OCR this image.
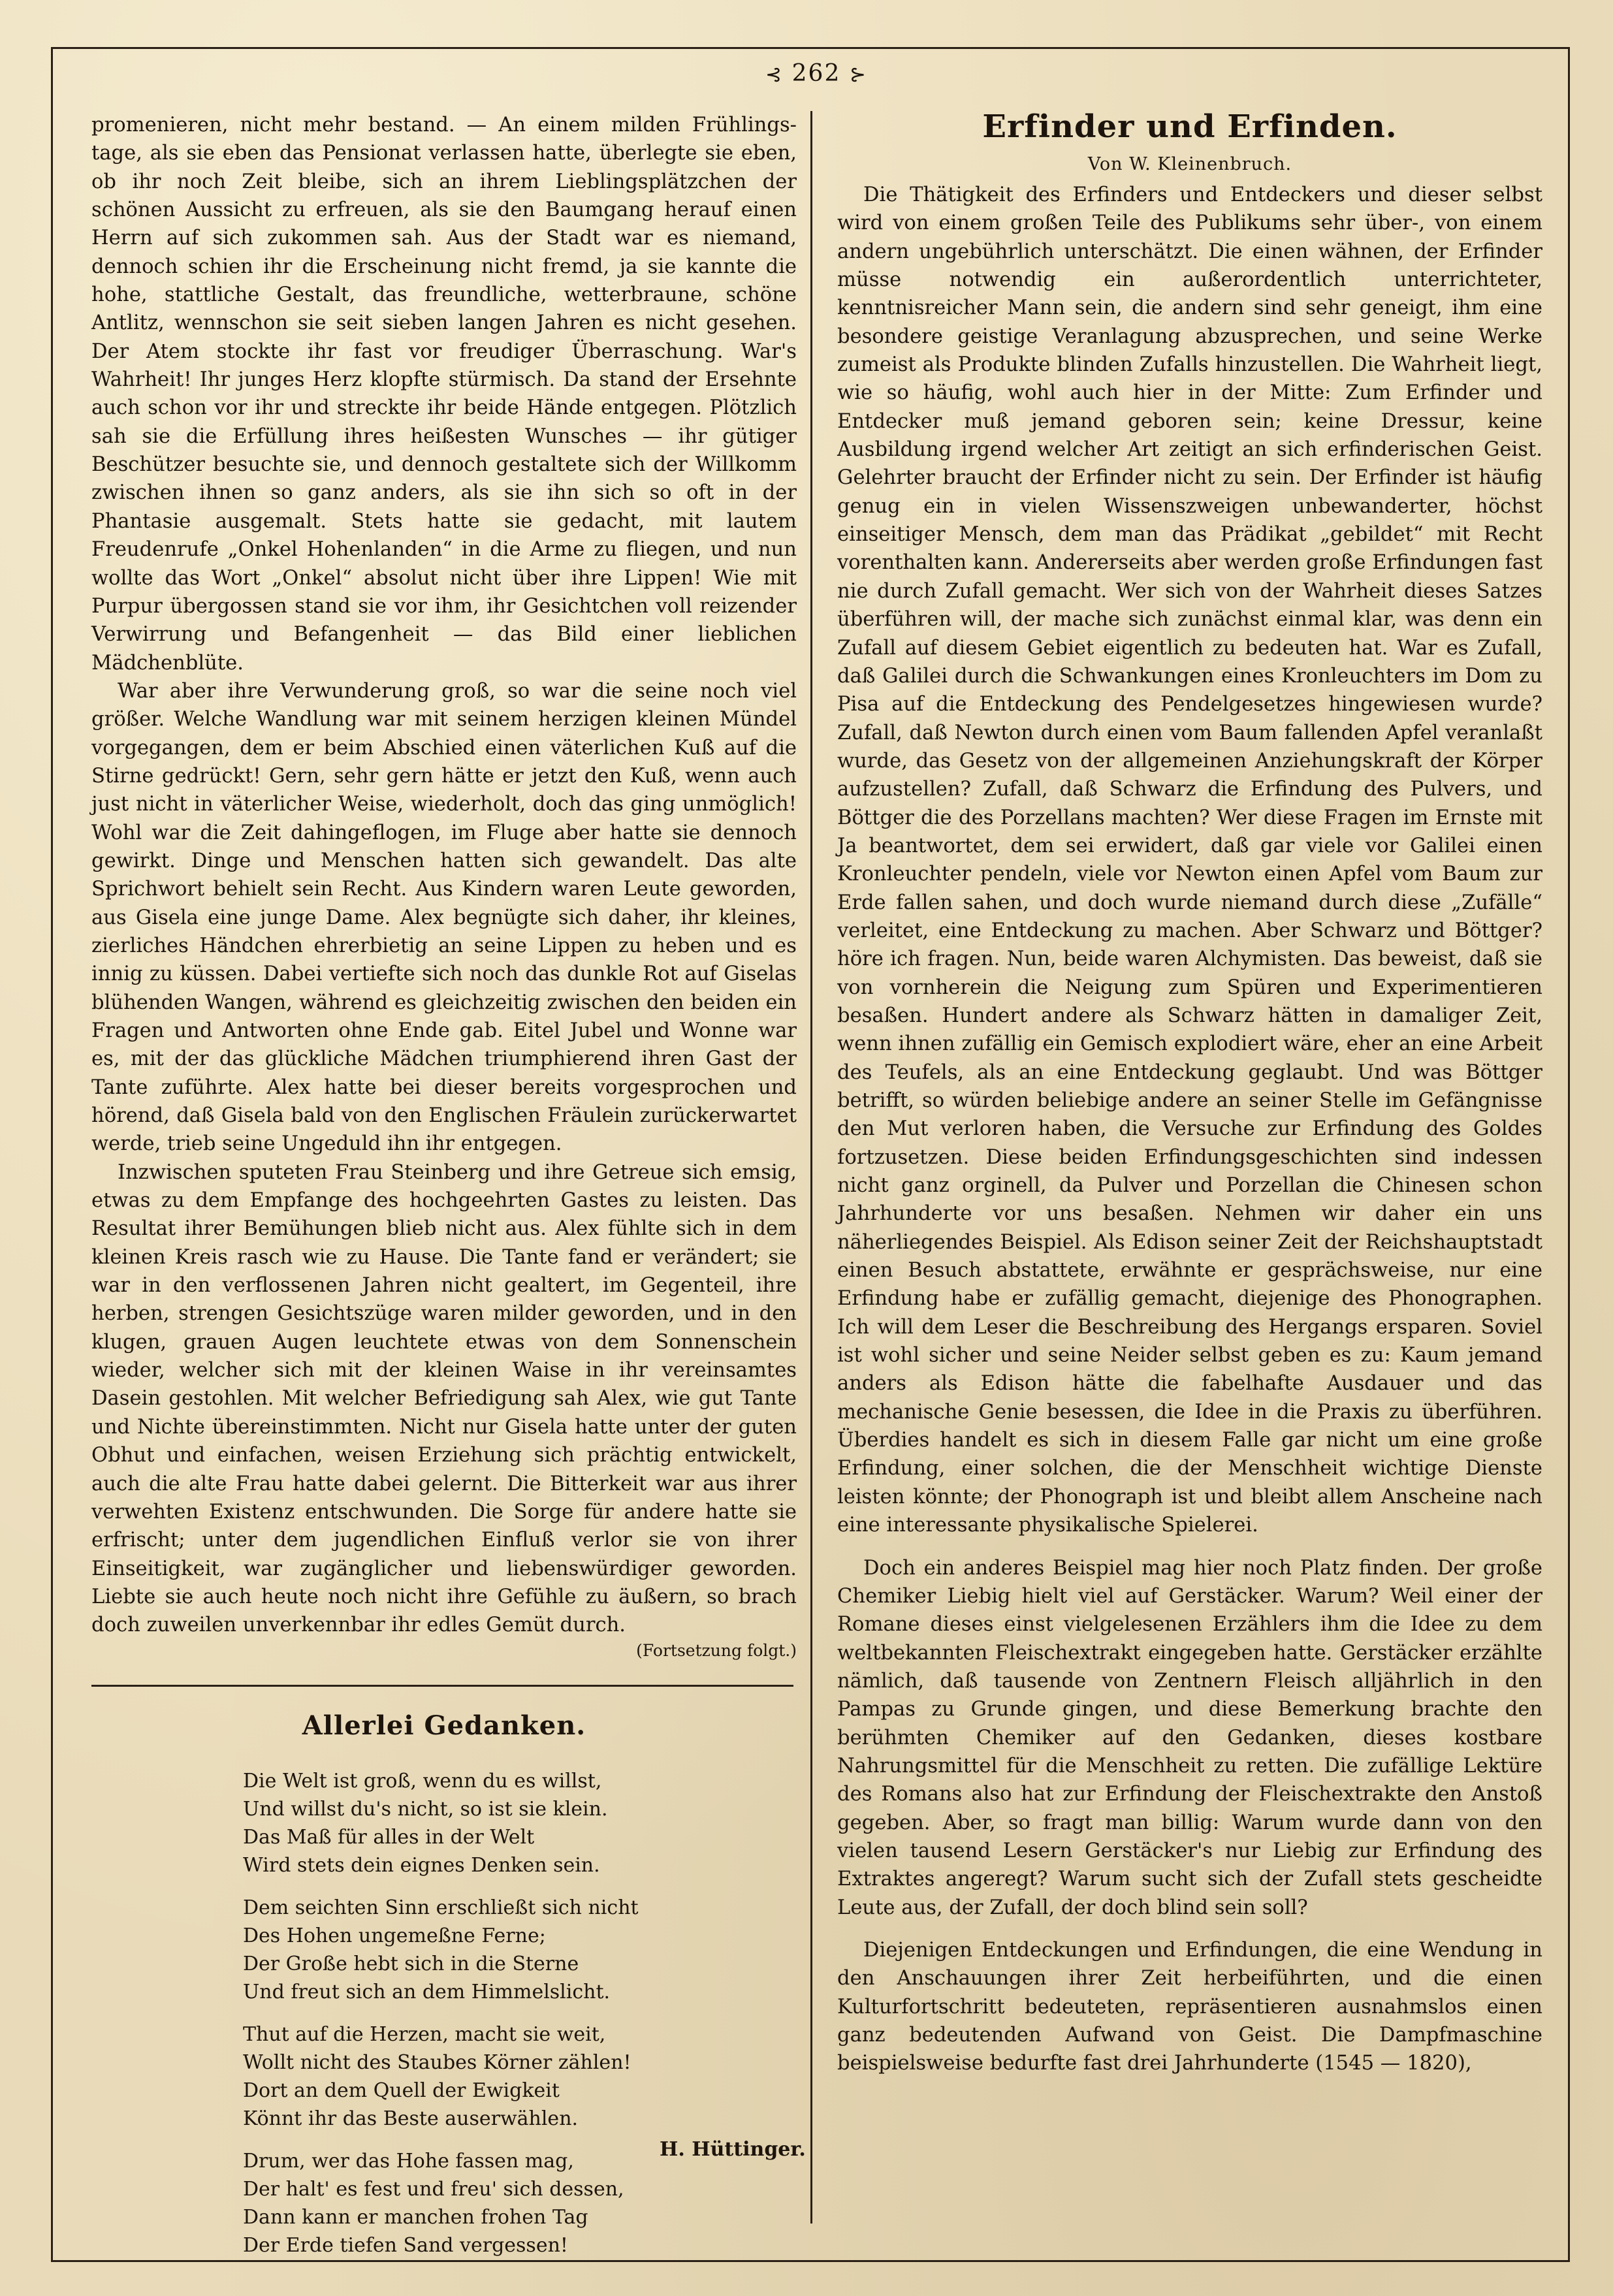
⊰ 262 ⊱

promenieren, nicht mehr bestand. — An einem milden Frühlings-tage, als sie eben das Pensionat verlassen hatte, überlegte sie eben, ob ihr noch Zeit bleibe, sich an ihrem Lieblingsplätzchen der schönen Aussicht zu erfreuen, als sie den Baumgang herauf einen Herrn auf sich zukommen sah. Aus der Stadt war es niemand, dennoch schien ihr die Erscheinung nicht fremd, ja sie kannte die hohe, stattliche Gestalt, das freundliche, wetterbraune, schöne Antlitz, wennschon sie seit sieben langen Jahren es nicht gesehen. Der Atem stockte ihr fast vor freudiger Überraschung. War's Wahrheit! Ihr junges Herz klopfte stürmisch. Da stand der Ersehnte auch schon vor ihr und streckte ihr beide Hände entgegen. Plötzlich sah sie die Erfüllung ihres heißesten Wunsches — ihr gütiger Beschützer besuchte sie, und dennoch gestaltete sich der Willkomm zwischen ihnen so ganz anders, als sie ihn sich so oft in der Phantasie ausgemalt. Stets hatte sie gedacht, mit lautem Freudenrufe „Onkel Hohenlanden“ in die Arme zu fliegen, und nun wollte das Wort „Onkel“ absolut nicht über ihre Lippen! Wie mit Purpur übergossen stand sie vor ihm, ihr Gesichtchen voll reizender Verwirrung und Befangenheit — das Bild einer lieblichen Mädchenblüte.

War aber ihre Verwunderung groß, so war die seine noch viel größer. Welche Wandlung war mit seinem herzigen kleinen Mündel vorgegangen, dem er beim Abschied einen väterlichen Kuß auf die Stirne gedrückt! Gern, sehr gern hätte er jetzt den Kuß, wenn auch just nicht in väterlicher Weise, wiederholt, doch das ging unmöglich! Wohl war die Zeit dahingeflogen, im Fluge aber hatte sie dennoch gewirkt. Dinge und Menschen hatten sich gewandelt. Das alte Sprichwort behielt sein Recht. Aus Kindern waren Leute geworden, aus Gisela eine junge Dame. Alex begnügte sich daher, ihr kleines, zierliches Händchen ehrerbietig an seine Lippen zu heben und es innig zu küssen. Dabei vertiefte sich noch das dunkle Rot auf Giselas blühenden Wangen, während es gleichzeitig zwischen den beiden ein Fragen und Antworten ohne Ende gab. Eitel Jubel und Wonne war es, mit der das glückliche Mädchen triumphierend ihren Gast der Tante zuführte. Alex hatte bei dieser bereits vorgesprochen und hörend, daß Gisela bald von den Englischen Fräulein zurückerwartet werde, trieb seine Ungeduld ihn ihr entgegen.

Inzwischen sputeten Frau Steinberg und ihre Getreue sich emsig, etwas zu dem Empfange des hochgeehrten Gastes zu leisten. Das Resultat ihrer Bemühungen blieb nicht aus. Alex fühlte sich in dem kleinen Kreis rasch wie zu Hause. Die Tante fand er verändert; sie war in den verflossenen Jahren nicht gealtert, im Gegenteil, ihre herben, strengen Gesichtszüge waren milder geworden, und in den klugen, grauen Augen leuchtete etwas von dem Sonnenschein wieder, welcher sich mit der kleinen Waise in ihr vereinsamtes Dasein gestohlen. Mit welcher Befriedigung sah Alex, wie gut Tante und Nichte übereinstimmten. Nicht nur Gisela hatte unter der guten Obhut und einfachen, weisen Erziehung sich prächtig entwickelt, auch die alte Frau hatte dabei gelernt. Die Bitterkeit war aus ihrer verwehten Existenz entschwunden. Die Sorge für andere hatte sie erfrischt; unter dem jugendlichen Einfluß verlor sie von ihrer Einseitigkeit, war zugänglicher und liebenswürdiger geworden. Liebte sie auch heute noch nicht ihre Gefühle zu äußern, so brach doch zuweilen unverkennbar ihr edles Gemüt durch.

(Fortsetzung folgt.)
Allerlei Gedanken.
Die Welt ist groß, wenn du es willst,
Und willst du's nicht, so ist sie klein.
Das Maß für alles in der Welt
Wird stets dein eignes Denken sein.
Dem seichten Sinn erschließt sich nicht
Des Hohen ungemeßne Ferne;
Der Große hebt sich in die Sterne
Und freut sich an dem Himmelslicht.
Thut auf die Herzen, macht sie weit,
Wollt nicht des Staubes Körner zählen!
Dort an dem Quell der Ewigkeit
Könnt ihr das Beste auserwählen.
Drum, wer das Hohe fassen mag,
Der halt' es fest und freu' sich dessen,
Dann kann er manchen frohen Tag
Der Erde tiefen Sand vergessen!
H. Hüttinger.
Erfinder und Erfinden.
Von W. Kleinenbruch.

Die Thätigkeit des Erfinders und Entdeckers und dieser selbst wird von einem großen Teile des Publikums sehr über-, von einem andern ungebührlich unterschätzt. Die einen wähnen, der Erfinder müsse notwendig ein außerordentlich unterrichteter, kenntnisreicher Mann sein, die andern sind sehr geneigt, ihm eine besondere geistige Veranlagung abzusprechen, und seine Werke zumeist als Produkte blinden Zufalls hinzustellen. Die Wahrheit liegt, wie so häufig, wohl auch hier in der Mitte: Zum Erfinder und Entdecker muß jemand geboren sein; keine Dressur, keine Ausbildung irgend welcher Art zeitigt an sich erfinderischen Geist. Gelehrter braucht der Erfinder nicht zu sein. Der Erfinder ist häufig genug ein in vielen Wissenszweigen unbewanderter, höchst einseitiger Mensch, dem man das Prädikat „gebildet“ mit Recht vorenthalten kann. Andererseits aber werden große Erfindungen fast nie durch Zufall gemacht. Wer sich von der Wahrheit dieses Satzes überführen will, der mache sich zunächst einmal klar, was denn ein Zufall auf diesem Gebiet eigentlich zu bedeuten hat. War es Zufall, daß Galilei durch die Schwankungen eines Kronleuchters im Dom zu Pisa auf die Entdeckung des Pendelgesetzes hingewiesen wurde? Zufall, daß Newton durch einen vom Baum fallenden Apfel veranlaßt wurde, das Gesetz von der allgemeinen Anziehungskraft der Körper aufzustellen? Zufall, daß Schwarz die Erfindung des Pulvers, und Böttger die des Porzellans machten? Wer diese Fragen im Ernste mit Ja beantwortet, dem sei erwidert, daß gar viele vor Galilei einen Kronleuchter pendeln, viele vor Newton einen Apfel vom Baum zur Erde fallen sahen, und doch wurde niemand durch diese „Zufälle“ verleitet, eine Entdeckung zu machen. Aber Schwarz und Böttger? höre ich fragen. Nun, beide waren Alchymisten. Das beweist, daß sie von vornherein die Neigung zum Spüren und Experimentieren besaßen. Hundert andere als Schwarz hätten in damaliger Zeit, wenn ihnen zufällig ein Gemisch explodiert wäre, eher an eine Arbeit des Teufels, als an eine Entdeckung geglaubt. Und was Böttger betrifft, so würden beliebige andere an seiner Stelle im Gefängnisse den Mut verloren haben, die Versuche zur Erfindung des Goldes fortzusetzen. Diese beiden Erfindungsgeschichten sind indessen nicht ganz orginell, da Pulver und Porzellan die Chinesen schon Jahrhunderte vor uns besaßen. Nehmen wir daher ein uns näherliegendes Beispiel. Als Edison seiner Zeit der Reichshauptstadt einen Besuch abstattete, erwähnte er gesprächsweise, nur eine Erfindung habe er zufällig gemacht, diejenige des Phonographen. Ich will dem Leser die Beschreibung des Hergangs ersparen. Soviel ist wohl sicher und seine Neider selbst geben es zu: Kaum jemand anders als Edison hätte die fabelhafte Ausdauer und das mechanische Genie besessen, die Idee in die Praxis zu überführen. Überdies handelt es sich in diesem Falle gar nicht um eine große Erfindung, einer solchen, die der Menschheit wichtige Dienste leisten könnte; der Phonograph ist und bleibt allem Anscheine nach eine interessante physikalische Spielerei.

Doch ein anderes Beispiel mag hier noch Platz finden. Der große Chemiker Liebig hielt viel auf Gerstäcker. Warum? Weil einer der Romane dieses einst vielgelesenen Erzählers ihm die Idee zu dem weltbekannten Fleischextrakt eingegeben hatte. Gerstäcker erzählte nämlich, daß tausende von Zentnern Fleisch alljährlich in den Pampas zu Grunde gingen, und diese Bemerkung brachte den berühmten Chemiker auf den Gedanken, dieses kostbare Nahrungsmittel für die Menschheit zu retten. Die zufällige Lektüre des Romans also hat zur Erfindung der Fleischextrakte den Anstoß gegeben. Aber, so fragt man billig: Warum wurde dann von den vielen tausend Lesern Gerstäcker's nur Liebig zur Erfindung des Extraktes angeregt? Warum sucht sich der Zufall stets gescheidte Leute aus, der Zufall, der doch blind sein soll?

Diejenigen Entdeckungen und Erfindungen, die eine Wendung in den Anschauungen ihrer Zeit herbeiführten, und die einen Kulturfortschritt bedeuteten, repräsentieren ausnahmslos einen ganz bedeutenden Aufwand von Geist. Die Dampfmaschine beispielsweise bedurfte fast drei Jahrhunderte (1545 — 1820),
